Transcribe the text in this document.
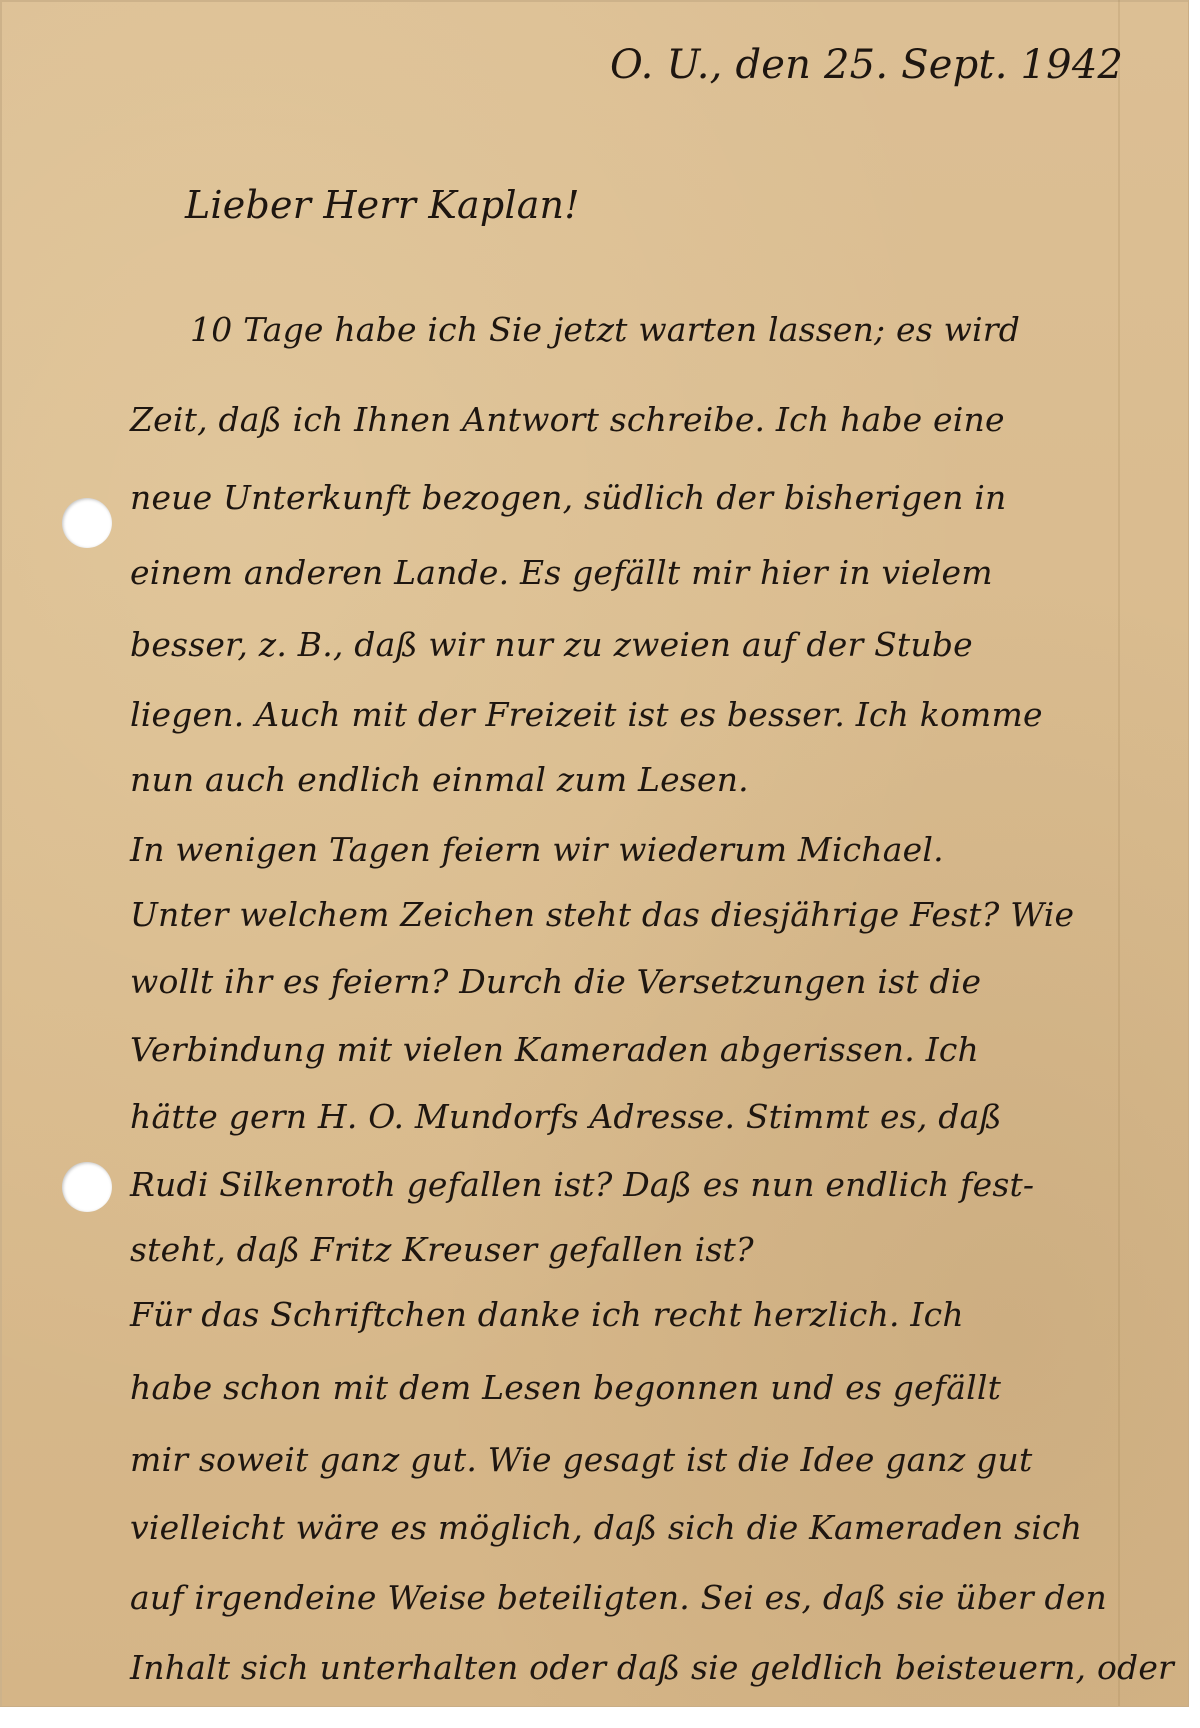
O. U., den 25. Sept. 1942

Lieber Herr Kaplan!

10 Tage habe ich Sie jetzt warten lassen; es wird

Zeit, daß ich Ihnen Antwort schreibe. Ich habe eine

neue Unterkunft bezogen, südlich der bisherigen in

einem anderen Lande. Es gefällt mir hier in vielem

besser, z. B., daß wir nur zu zweien auf der Stube

liegen. Auch mit der Freizeit ist es besser. Ich komme

nun auch endlich einmal zum Lesen.

In wenigen Tagen feiern wir wiederum Michael.

Unter welchem Zeichen steht das diesjährige Fest? Wie

wollt ihr es feiern? Durch die Versetzungen ist die

Verbindung mit vielen Kameraden abgerissen. Ich

hätte gern H. O. Mundorfs Adresse. Stimmt es, daß

Rudi Silkenroth gefallen ist? Daß es nun endlich fest-

steht, daß Fritz Kreuser gefallen ist?

Für das Schriftchen danke ich recht herzlich. Ich

habe schon mit dem Lesen begonnen und es gefällt

mir soweit ganz gut. Wie gesagt ist die Idee ganz gut

vielleicht wäre es möglich, daß sich die Kameraden sich

auf irgendeine Weise beteiligten. Sei es, daß sie über den

Inhalt sich unterhalten oder daß sie geldlich beisteuern, oder
